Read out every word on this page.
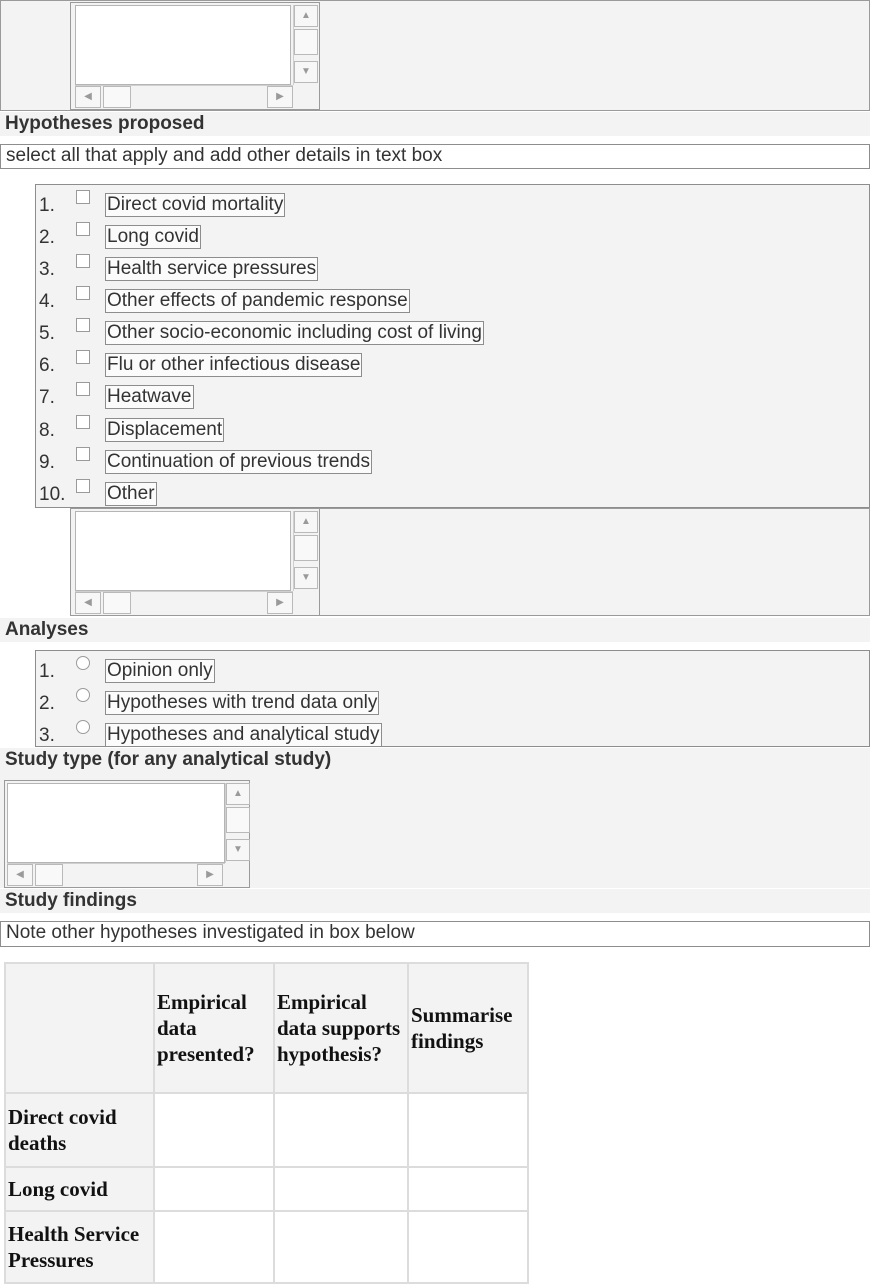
▲
▼
◀	▶
Hypotheses proposed
select all that apply and add other details in text box
1.	Direct covid mortality
2.	Long covid
3.	Health service pressures
4.	Other effects of pandemic response
5.	Other socio-economic including cost of living
6.	Flu or other infectious disease
7.	Heatwave
8.	Displacement
9.	Continuation of previous trends
10. Other
▲
▼
◀	▶
Analyses
1.	Opinion only
2.	Hypotheses with trend data only
3.	Hypotheses and analytical study
Study type (for any analytical study)
▲
▼
◀	▶
Study findings
Note other hypotheses investigated in box below
	Empirical data presented?	Empirical data supports hypothesis?	Summarise findings
Direct covid deaths			
Long covid			
Health Service Pressures			
